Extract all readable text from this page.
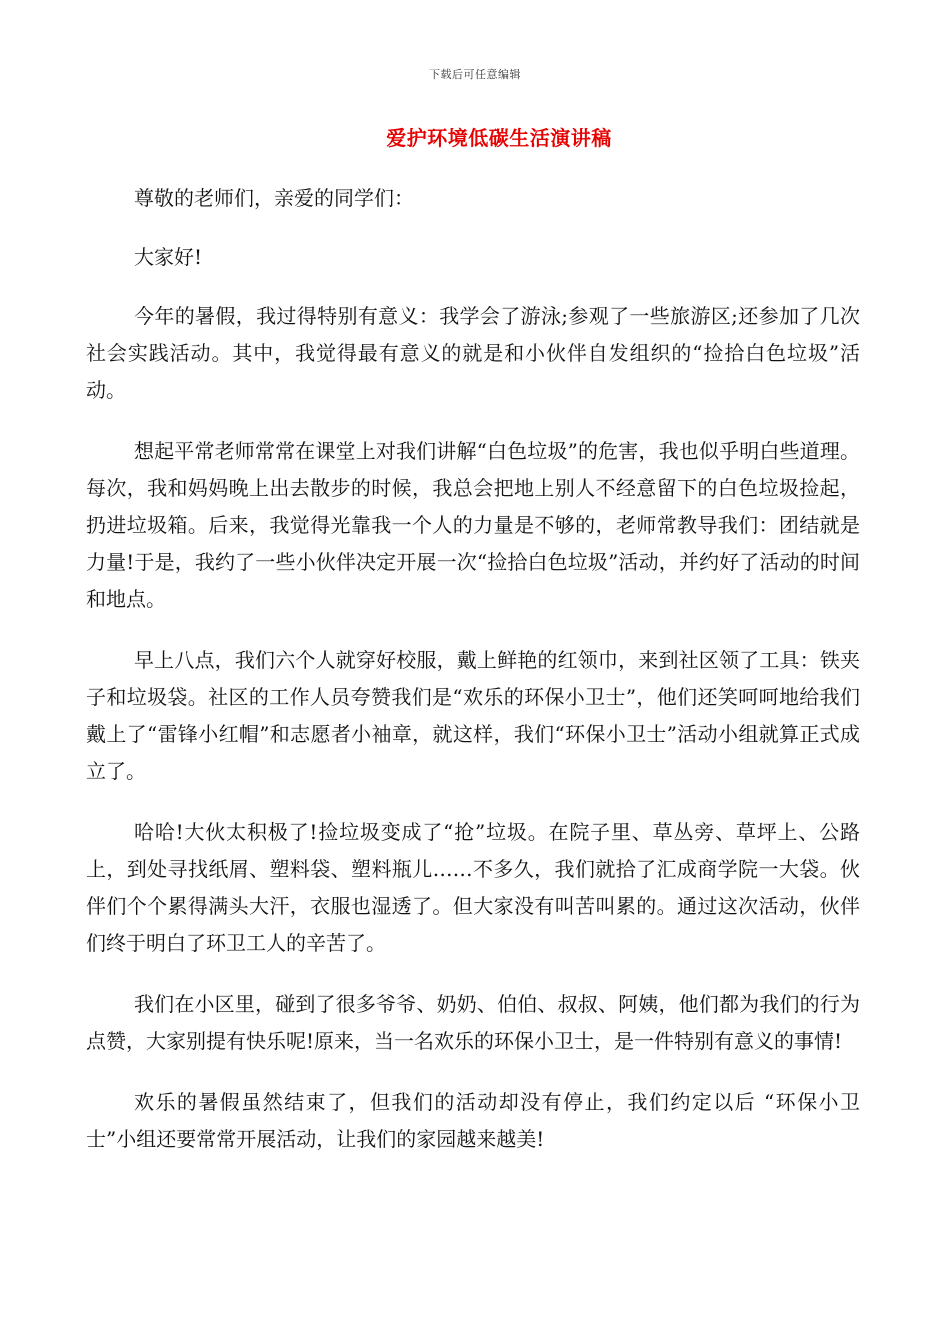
下载后可任意编辑
爱护环境低碳生活演讲稿

尊敬的老师们，亲爱的同学们：

大家好!

今年的暑假，我过得特别有意义：我学会了游泳;参观了一些旅游区;还参加了几次社会实践活动。其中，我觉得最有意义的就是和小伙伴自发组织的“捡拾白色垃圾”活动。

想起平常老师常常在课堂上对我们讲解“白色垃圾”的危害，我也似乎明白些道理。每次，我和妈妈晚上出去散步的时候，我总会把地上别人不经意留下的白色垃圾捡起，扔进垃圾箱。后来，我觉得光靠我一个人的力量是不够的，老师常教导我们：团结就是力量!于是，我约了一些小伙伴决定开展一次“捡拾白色垃圾”活动，并约好了活动的时间和地点。

早上八点，我们六个人就穿好校服，戴上鲜艳的红领巾，来到社区领了工具：铁夹子和垃圾袋。社区的工作人员夸赞我们是“欢乐的环保小卫士”，他们还笑呵呵地给我们戴上了“雷锋小红帽”和志愿者小袖章，就这样，我们“环保小卫士”活动小组就算正式成立了。

哈哈!大伙太积极了!捡垃圾变成了“抢”垃圾。在院子里、草丛旁、草坪上、公路上，到处寻找纸屑、塑料袋、塑料瓶儿……不多久，我们就拾了汇成商学院一大袋。伙伴们个个累得满头大汗，衣服也湿透了。但大家没有叫苦叫累的。通过这次活动，伙伴们终于明白了环卫工人的辛苦了。

我们在小区里，碰到了很多爷爷、奶奶、伯伯、叔叔、阿姨，他们都为我们的行为点赞，大家别提有快乐呢!原来，当一名欢乐的环保小卫士，是一件特别有意义的事情!

欢乐的暑假虽然结束了，但我们的活动却没有停止，我们约定以后 “环保小卫士”小组还要常常开展活动，让我们的家园越来越美!
